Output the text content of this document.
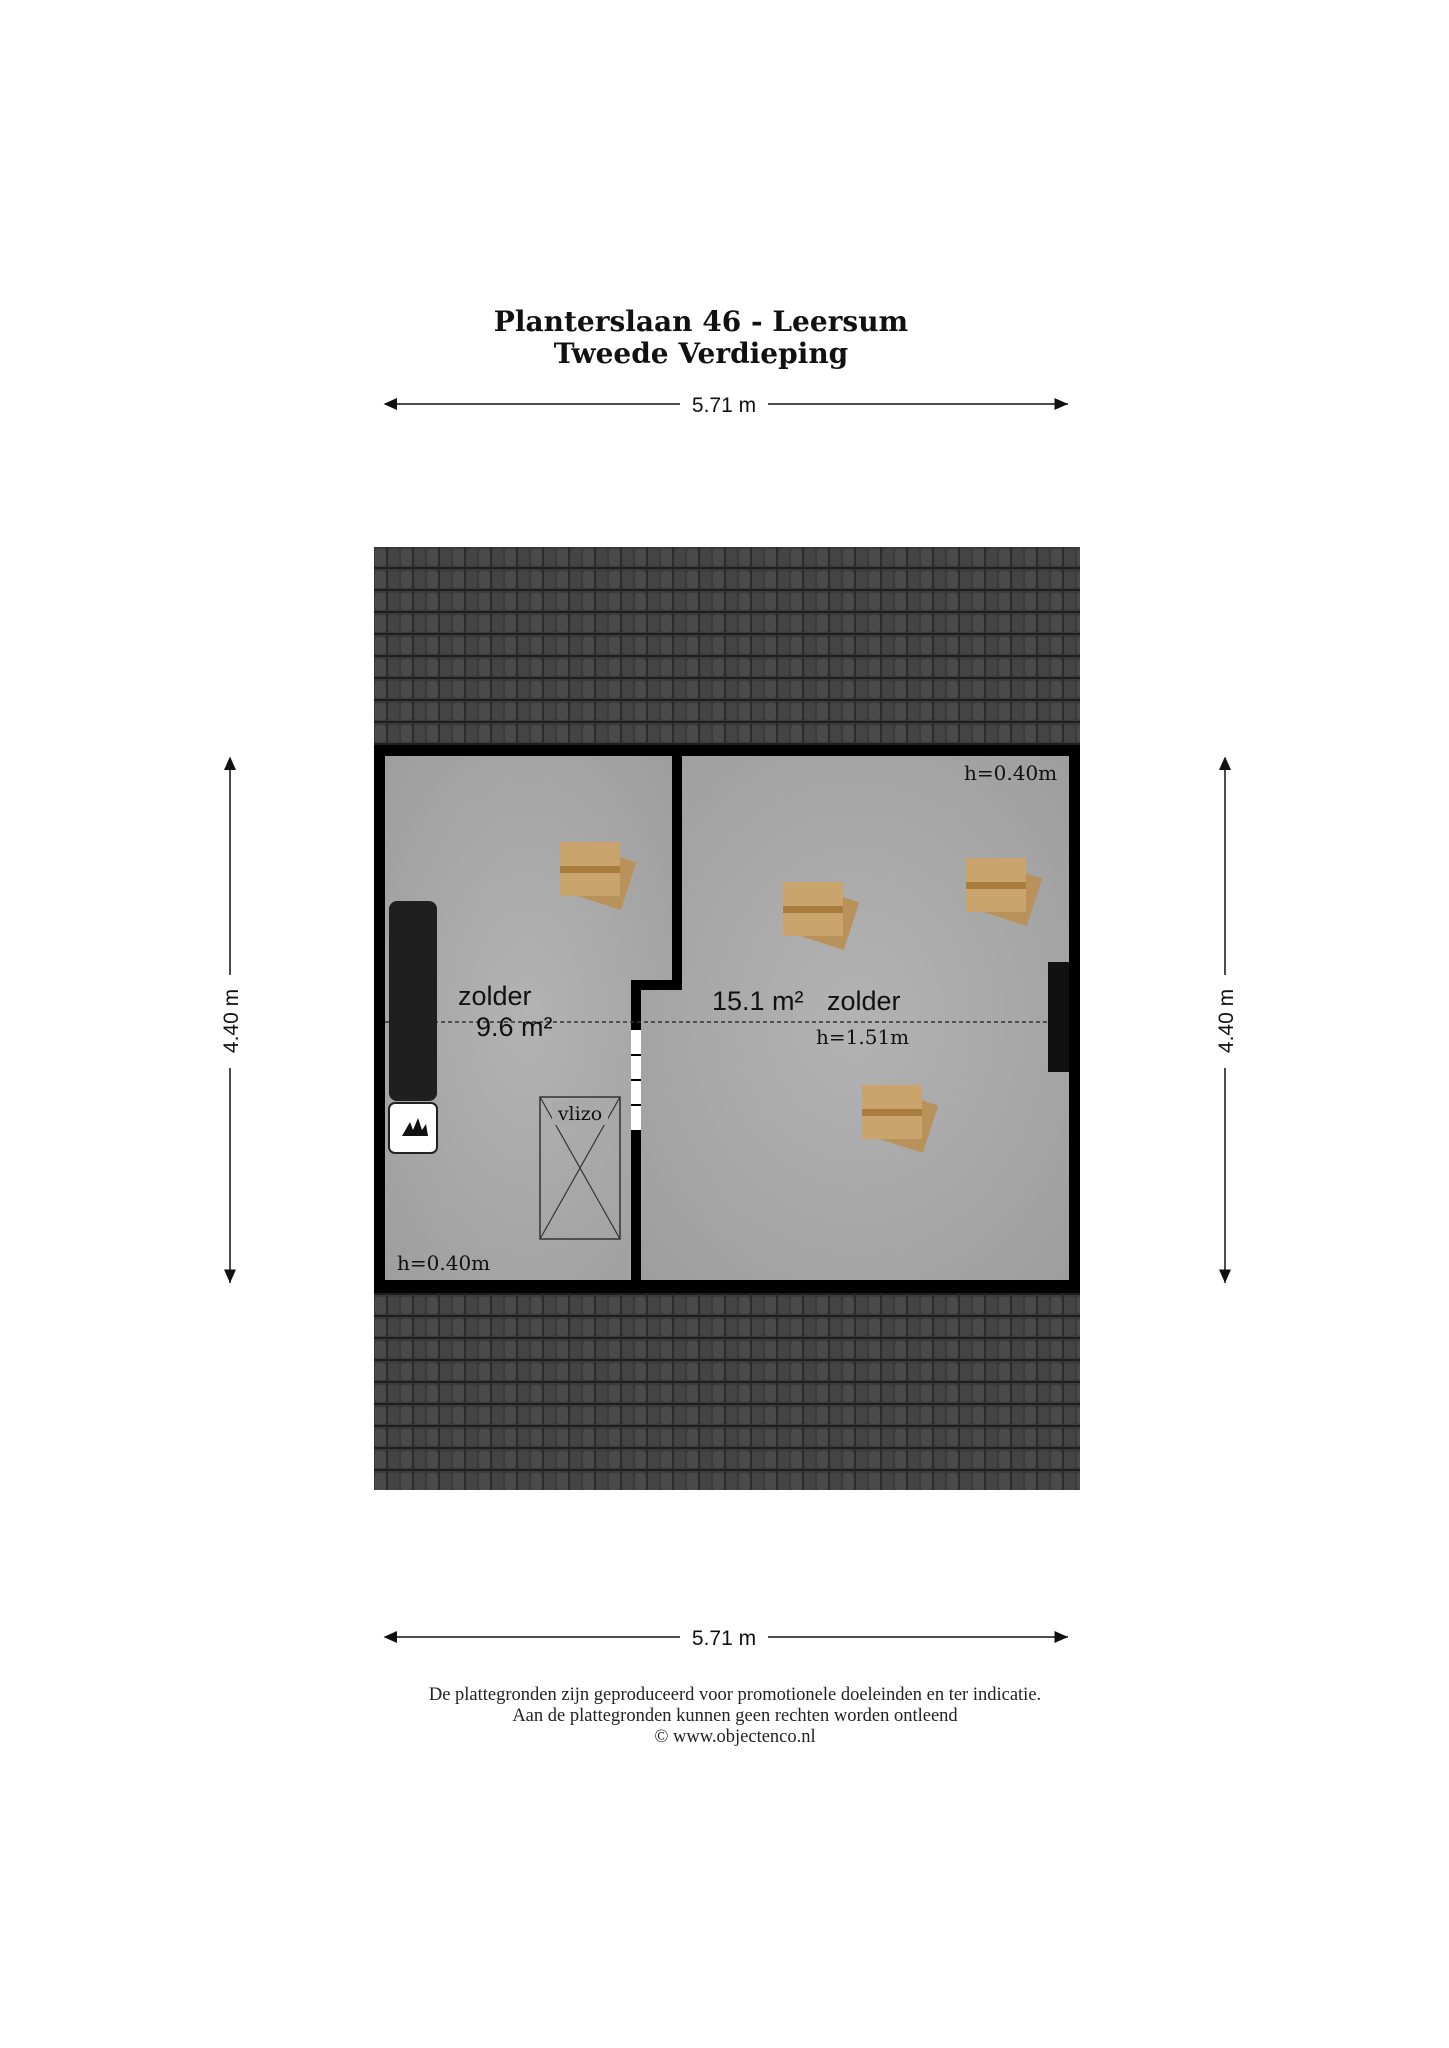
Planterslaan 46 - Leersum
Tweede Verdieping
5.71 m
vlizo
zolder
9.6 m²
h=0.40m
15.1 m² zolder
h=1.51m
h=0.40m
4.40 m	4.40 m
5.71 m
De plattegronden zijn geproduceerd voor promotionele doeleinden en ter indicatie.
Aan de plattegronden kunnen geen rechten worden ontleend
© www.objectenco.nl
